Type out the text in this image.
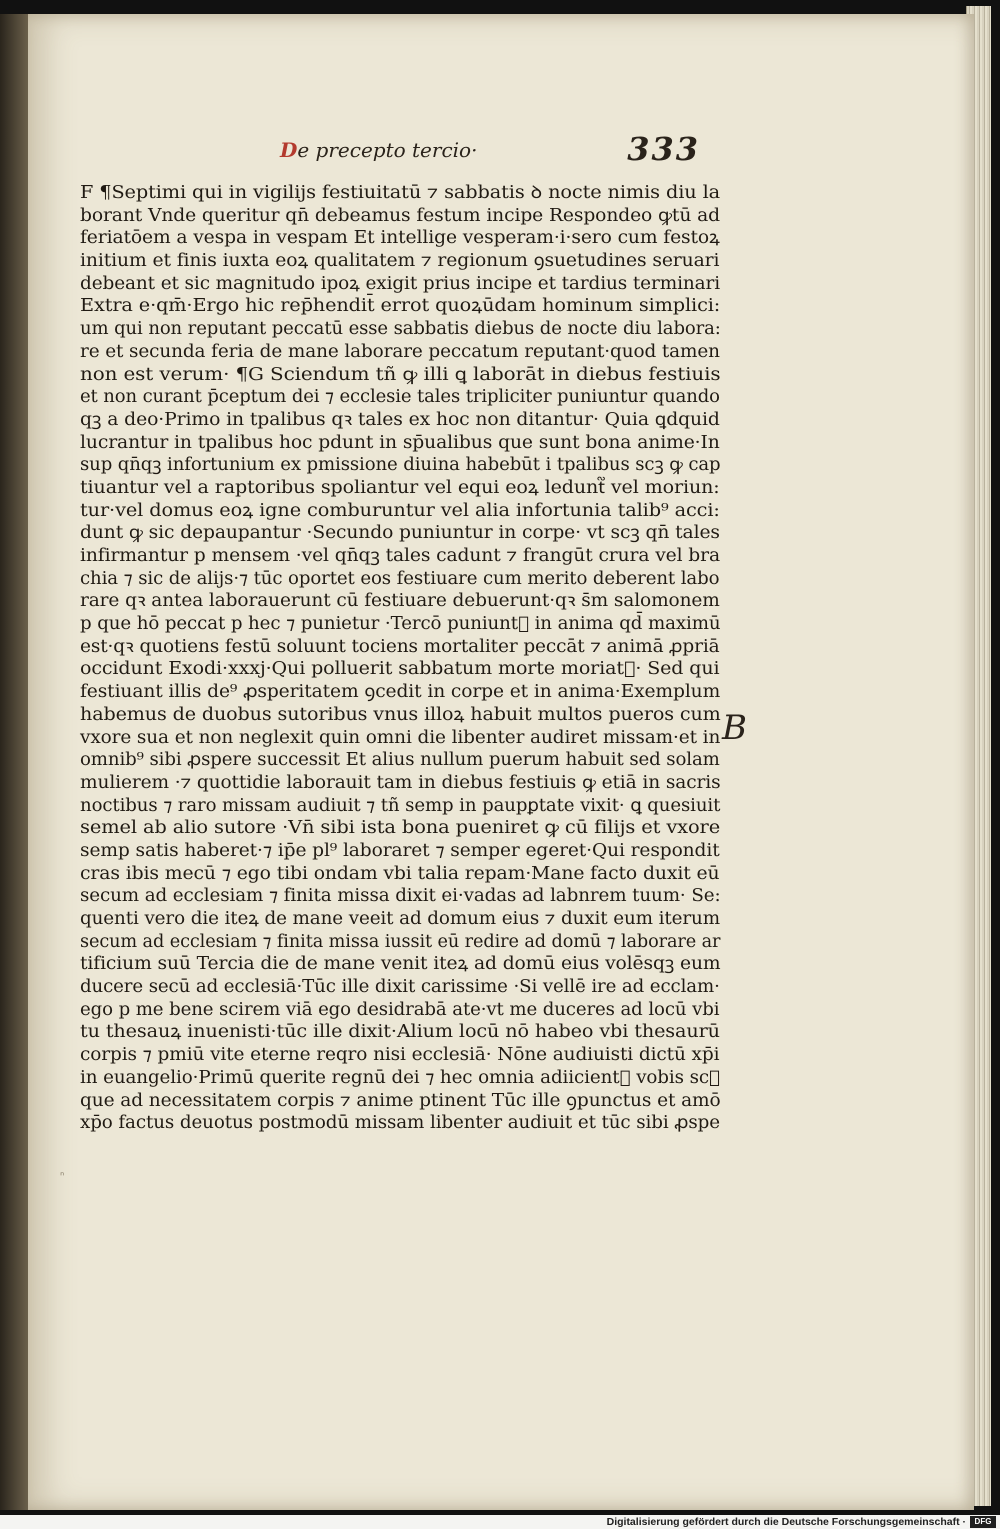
De precepto tercio·	333
F ¶Septimi qui in vigilijs festiuitatū ⁊ sabbatis ꝺ nocte nimis diu la
borant Vnde queritur qn̄ debeamus festum incipe Respondeo ꝙtū ad
feriatōem a vespa in vespam Et intellige vesperam·i·sero cum festoꝝ
initium et finis iuxta eoꝝ qualitatem ⁊ regionum ꝯsuetudines seruari
debeant et sic magnitudo ipoꝝ exigit prius incipe et tardius terminari
Extra e·qm̄·Ergo hic rep̄hendit̄ errot quoꝝūdam hominum simplici:
um qui non reputant peccatū esse sabbatis diebus de nocte diu labora:
re et secunda feria de mane laborare peccatum reputant·quod tamen
non est verum· ¶G Sciendum tñ ꝙ illi ꝗ laborāt in diebus festiuis
et non curant p̄ceptum dei ⁊ ecclesie tales tripliciter puniuntur quando
qꝫ a deo·Primo in tpalibus qꝛ tales ex hoc non ditantur· Quia ꝗdquid
lucrantur in tpalibus hoc pdunt in sp̄ualibus que sunt bona anime·In
sup qn̄qꝫ infortunium ex pmissione diuina habebūt i tpalibus scꝫ ꝙ cap
tiuantur vel a raptoribus spoliantur vel equi eoꝝ ledunt᷑ vel moriun:
tur·vel domus eoꝝ igne comburuntur vel alia infortunia talib⁹ acci:
dunt ꝙ sic depaupantur ·Secundo puniuntur in corpe· vt scꝫ qn̄ tales
infirmantur p mensem ·vel qn̄qꝫ tales cadunt ⁊ frangūt crura vel bra
chia ⁊ sic de alijs·⁊ tūc oportet eos festiuare cum merito deberent labo
rare qꝛ antea laborauerunt cū festiuare debuerunt·qꝛ s̄m salomonem
p que hō peccat p hec ⁊ punietur ·Tercō puniunt᷑ in anima qd̄ maximū
est·qꝛ quotiens festū soluunt tociens mortaliter peccāt ⁊ animā ꝓpriā
occidunt Exodi·xxxj·Qui polluerit sabbatum morte moriat᷑· Sed qui
festiuant illis de⁹ ꝓsperitatem ꝯcedit in corpe et in anima·Exemplum
habemus de duobus sutoribus vnus illoꝝ habuit multos pueros cum
vxore sua et non neglexit quin omni die libenter audiret missam·et in
omnib⁹ sibi ꝓspere successit Et alius nullum puerum habuit sed solam
mulierem ·⁊ quottidie laborauit tam in diebus festiuis ꝙ etiā in sacris
noctibus ⁊ raro missam audiuit ⁊ tñ semp in paupꝑtate vixit· ꝗ quesiuit
semel ab alio sutore ·Vn̄ sibi ista bona pueniret ꝙ cū filijs et vxore
semp satis haberet·⁊ ip̄e pl⁹ laboraret ⁊ semper egeret·Qui respondit
cras ibis mecū ⁊ ego tibi ondam vbi talia repam·Mane facto duxit eū
secum ad ecclesiam ⁊ finita missa dixit ei·vadas ad labnrem tuum· Se:
quenti vero die iteꝝ de mane veeit ad domum eius ⁊ duxit eum iterum
secum ad ecclesiam ⁊ finita missa iussit eū redire ad domū ⁊ laborare ar
tificium suū Tercia die de mane venit iteꝝ ad domū eius volēsqꝫ eum
ducere secū ad ecclesiā·Tūc ille dixit carissime ·Si vellē ire ad ecclam·
ego p me bene scirem viā ego desidrabā ate·vt me duceres ad locū vbi
tu thesauꝝ inuenisti·tūc ille dixit·Alium locū nō habeo vbi thesaurū
corpis ⁊ pmiū vite eterne reqro nisi ecclesiā· Nōne audiuisti dictū xp̄i
in euangelio·Primū querite regnū dei ⁊ hec omnia adiicient᷑ vobis scꝫ
que ad necessitatem corpis ⁊ anime ptinent Tūc ille ꝯpunctus et amō
xp̄o factus deuotus postmodū missam libenter audiuit et tūc sibi ꝓspe
B
Digitalisierung gefördert durch die Deutsche Forschungsgemeinschaft ·	DFG
